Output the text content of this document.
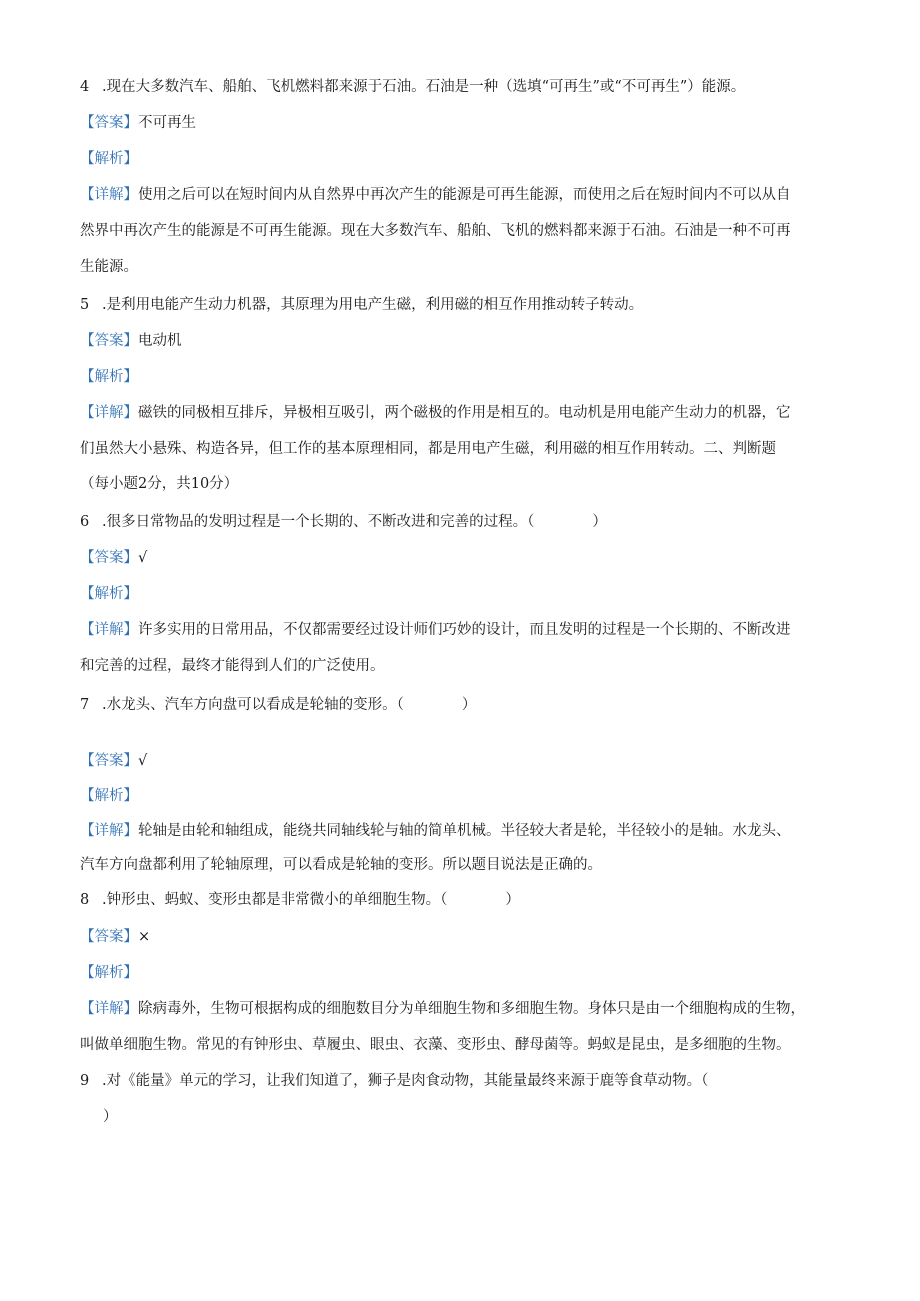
4 .现在大多数汽车、船舶、飞机燃料都来源于石油。石油是一种（选填“可再生”或“不可再生”）能源。
【答案】不可再生
【解析】
【详解】使用之后可以在短时间内从自然界中再次产生的能源是可再生能源，而使用之后在短时间内不可以从自
然界中再次产生的能源是不可再生能源。现在大多数汽车、船舶、飞机的燃料都来源于石油。石油是一种不可再
生能源。
5 .是利用电能产生动力机器，其原理为用电产生磁，利用磁的相互作用推动转子转动。
【答案】电动机
【解析】
【详解】磁铁的同极相互排斥，异极相互吸引，两个磁极的作用是相互的。电动机是用电能产生动力的机器，它
们虽然大小悬殊、构造各异，但工作的基本原理相同，都是用电产生磁，利用磁的相互作用转动。二、判断题
（每小题2分，共10分）
6 .很多日常物品的发明过程是一个长期的、不断改进和完善的过程。（　　　　）
【答案】√
【解析】
【详解】许多实用的日常用品，不仅都需要经过设计师们巧妙的设计，而且发明的过程是一个长期的、不断改进
和完善的过程，最终才能得到人们的广泛使用。
7 .水龙头、汽车方向盘可以看成是轮轴的变形。（　　　　）
【答案】√
【解析】
【详解】轮轴是由轮和轴组成，能绕共同轴线轮与轴的简单机械。半径较大者是轮，半径较小的是轴。水龙头、
汽车方向盘都利用了轮轴原理，可以看成是轮轴的变形。所以题目说法是正确的。
8 .钟形虫、蚂蚁、变形虫都是非常微小的单细胞生物。（　　　　）
【答案】×
【解析】
【详解】除病毒外，生物可根据构成的细胞数目分为单细胞生物和多细胞生物。身体只是由一个细胞构成的生物，
叫做单细胞生物。常见的有钟形虫、草履虫、眼虫、衣藻、变形虫、酵母菌等。蚂蚁是昆虫，是多细胞的生物。
9 .对《能量》单元的学习，让我们知道了，狮子是肉食动物，其能量最终来源于鹿等食草动物。（
）
